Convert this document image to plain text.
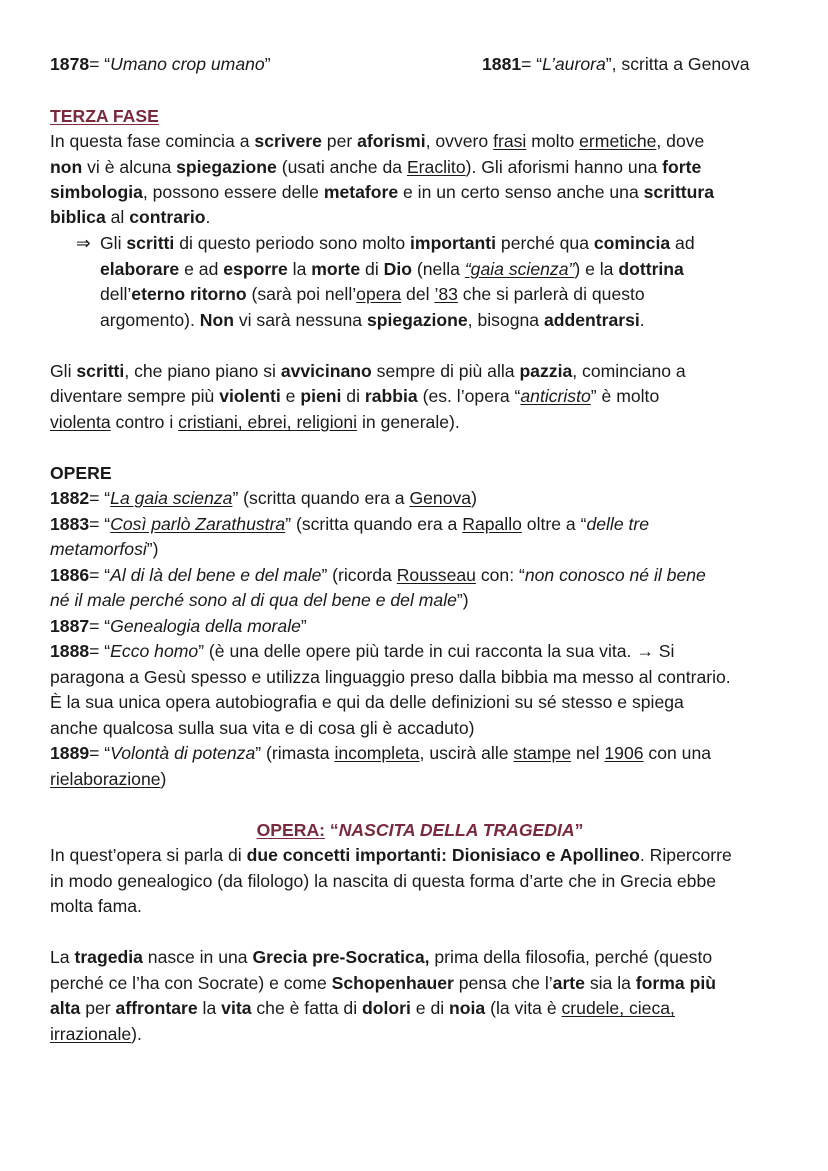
1878= “Umano crop umano”	1881= “L’aurora”, scritta a Genova
TERZA FASE
In questa fase comincia a scrivere per aforismi, ovvero frasi molto ermetiche, dove
non vi è alcuna spiegazione (usati anche da Eraclito). Gli aforismi hanno una forte
simbologia, possono essere delle metafore e in un certo senso anche una scrittura
biblica al contrario.
⇒ Gli scritti di questo periodo sono molto importanti perché qua comincia ad
elaborare e ad esporre la morte di Dio (nella “gaia scienza”) e la dottrina
dell’eterno ritorno (sarà poi nell’opera del ’83 che si parlerà di questo
argomento). Non vi sarà nessuna spiegazione, bisogna addentrarsi.
Gli scritti, che piano piano si avvicinano sempre di più alla pazzia, cominciano a
diventare sempre più violenti e pieni di rabbia (es. l’opera “anticristo” è molto
violenta contro i cristiani, ebrei, religioni in generale).
OPERE
1882= “La gaia scienza” (scritta quando era a Genova)
1883= “Così parlò Zarathustra” (scritta quando era a Rapallo oltre a “delle tre
metamorfosi”)
1886= “Al di là del bene e del male” (ricorda Rousseau con: “non conosco né il bene
né il male perché sono al di qua del bene e del male”)
1887= “Genealogia della morale”
1888= “Ecco homo” (è una delle opere più tarde in cui racconta la sua vita. → Si
paragona a Gesù spesso e utilizza linguaggio preso dalla bibbia ma messo al contrario.
È la sua unica opera autobiografia e qui da delle definizioni su sé stesso e spiega
anche qualcosa sulla sua vita e di cosa gli è accaduto)
1889= “Volontà di potenza” (rimasta incompleta, uscirà alle stampe nel 1906 con una
rielaborazione)
OPERA: “NASCITA DELLA TRAGEDIA”
In quest’opera si parla di due concetti importanti: Dionisiaco e Apollineo. Ripercorre
in modo genealogico (da filologo) la nascita di questa forma d’arte che in Grecia ebbe
molta fama.
La tragedia nasce in una Grecia pre-Socratica, prima della filosofia, perché (questo
perché ce l’ha con Socrate) e come Schopenhauer pensa che l’arte sia la forma più
alta per affrontare la vita che è fatta di dolori e di noia (la vita è crudele, cieca,
irrazionale).
